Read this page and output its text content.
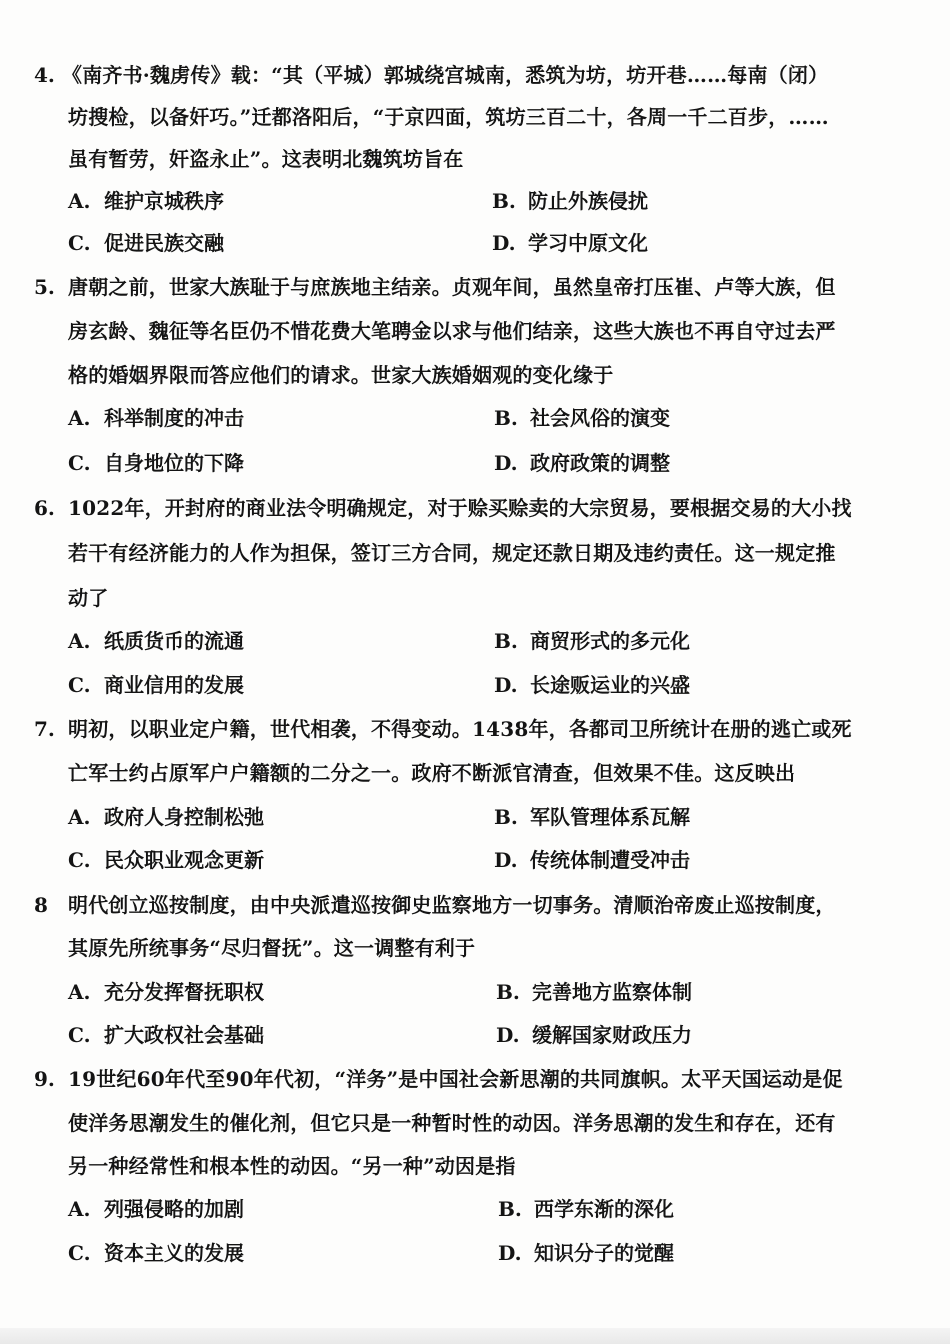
4. 《南齐书·魏虏传》载：“其（平城）郭城绕宫城南，悉筑为坊，坊开巷……每南（闭）
坊搜检，以备奸巧。”迁都洛阳后，“于京四面，筑坊三百二十，各周一千二百步，……
虽有暂劳，奸盗永止”。这表明北魏筑坊旨在
A. 维护京城秩序	B. 防止外族侵扰
C. 促进民族交融	D. 学习中原文化
5. 唐朝之前，世家大族耻于与庶族地主结亲。贞观年间，虽然皇帝打压崔、卢等大族，但
房玄龄、魏征等名臣仍不惜花费大笔聘金以求与他们结亲，这些大族也不再自守过去严
格的婚姻界限而答应他们的请求。世家大族婚姻观的变化缘于
A. 科举制度的冲击	B. 社会风俗的演变
C. 自身地位的下降	D. 政府政策的调整
6. 1022年，开封府的商业法令明确规定，对于赊买赊卖的大宗贸易，要根据交易的大小找
若干有经济能力的人作为担保，签订三方合同，规定还款日期及违约责任。这一规定推
动了
A. 纸质货币的流通	B. 商贸形式的多元化
C. 商业信用的发展	D. 长途贩运业的兴盛
7. 明初，以职业定户籍，世代相袭，不得变动。1438年，各都司卫所统计在册的逃亡或死
亡军士约占原军户户籍额的二分之一。政府不断派官清查，但效果不佳。这反映出
A. 政府人身控制松弛	B. 军队管理体系瓦解
C. 民众职业观念更新	D. 传统体制遭受冲击
8 明代创立巡按制度，由中央派遣巡按御史监察地方一切事务。清顺治帝废止巡按制度，
其原先所统事务“尽归督抚”。这一调整有利于
A. 充分发挥督抚职权	B. 完善地方监察体制
C. 扩大政权社会基础	D. 缓解国家财政压力
9. 19世纪60年代至90年代初，“洋务”是中国社会新思潮的共同旗帜。太平天国运动是促
使洋务思潮发生的催化剂，但它只是一种暂时性的动因。洋务思潮的发生和存在，还有
另一种经常性和根本性的动因。“另一种”动因是指
A. 列强侵略的加剧	B. 西学东渐的深化
C. 资本主义的发展	D. 知识分子的觉醒
